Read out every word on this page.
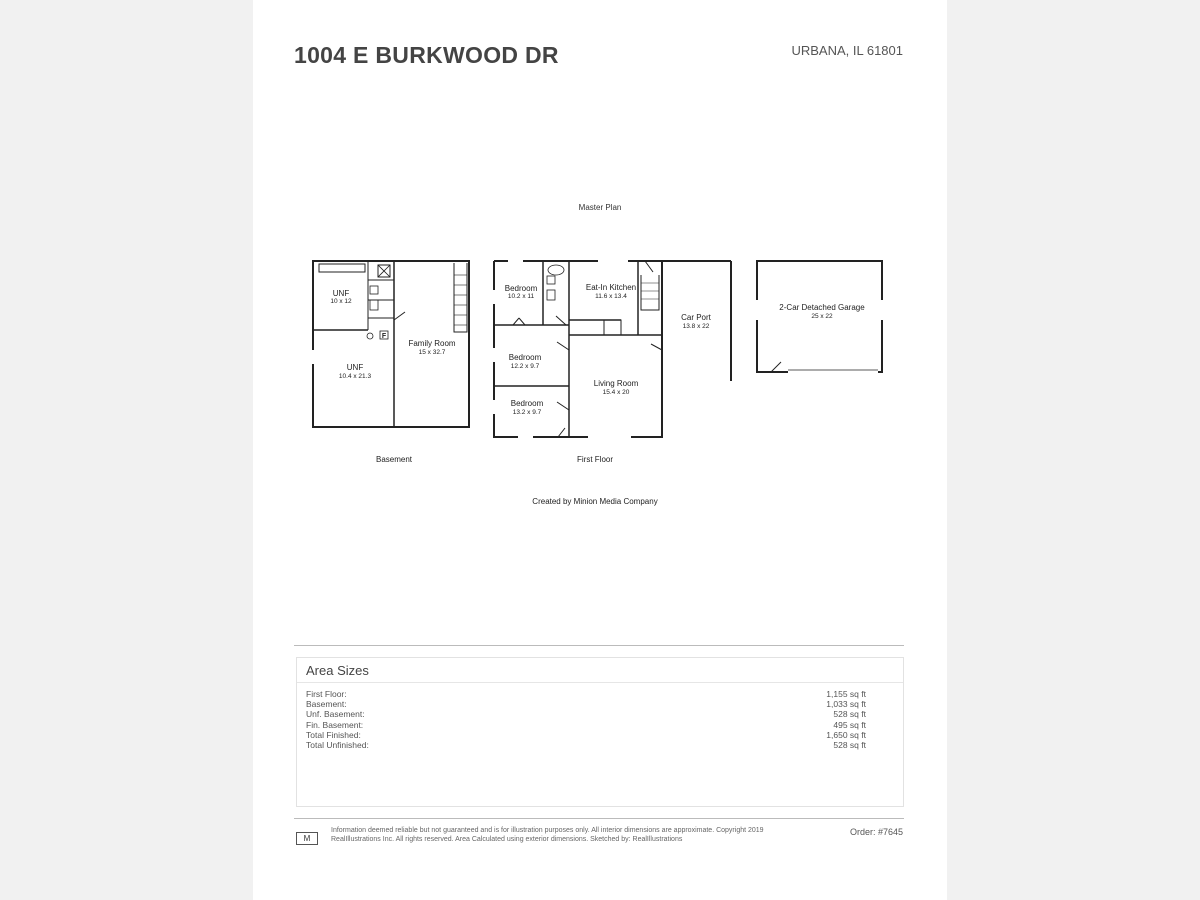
1004 E BURKWOOD DR	URBANA, IL 61801
Master Plan
UNF
10 x 12
Family Room
15 x 32.7
UNF
10.4 x 21.3
Bedroom
10.2 x 11
Eat-In Kitchen
11.6 x 13.4
Bedroom
12.2 x 9.7
Living Room
15.4 x 20
Bedroom
13.2 x 9.7
Car Port
13.8 x 22
2-Car Detached Garage
25 x 22
F
Basement	First Floor
Created by Minion Media Company
Area Sizes
First Floor:	1,155 sq ft
Basement:	1,033 sq ft
Unf. Basement:	528 sq ft
Fin. Basement:	495 sq ft
Total Finished:	1,650 sq ft
Total Unfinished:	528 sq ft
M
Information deemed reliable but not guaranteed and is for illustration purposes only. All interior dimensions are approximate. Copyright 2019 RealIllustrations Inc. All rights reserved. Area Calculated using exterior dimensions. Sketched by: RealIllustrations
Order: #7645
